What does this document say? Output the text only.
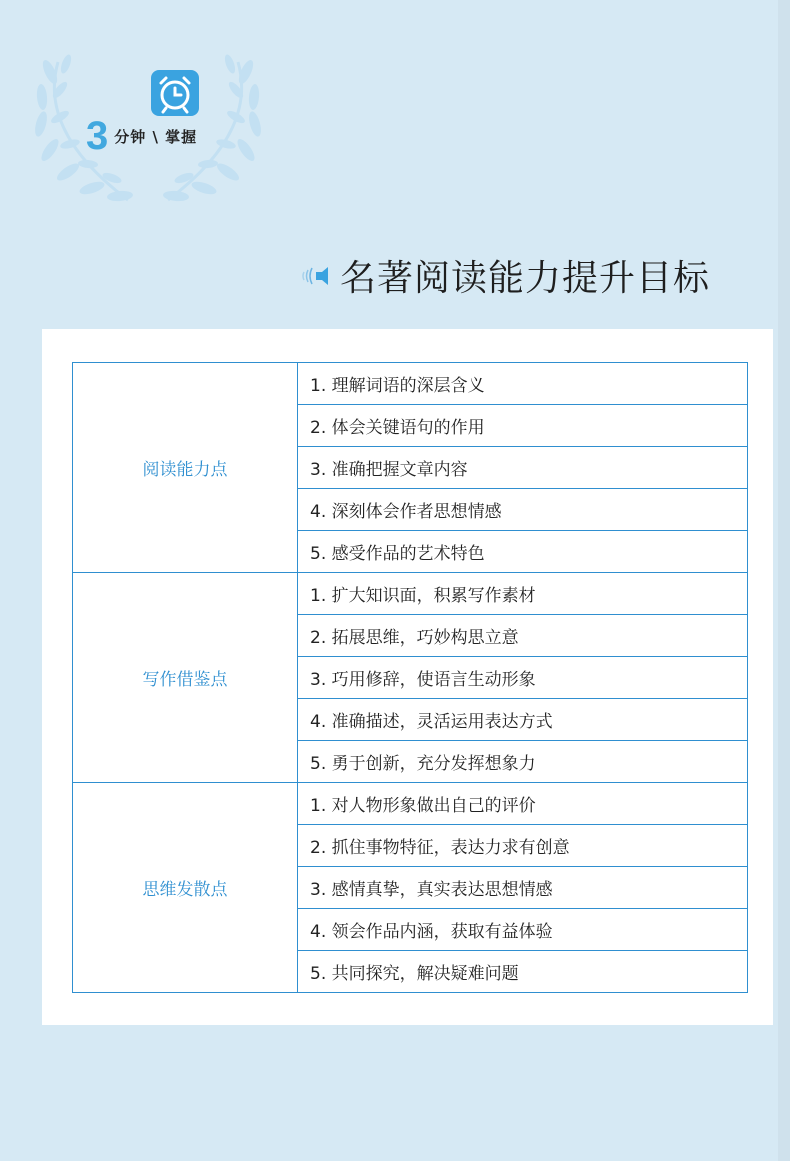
3 分钟 \ 掌握
名著阅读能力提升目标
阅读能力点	1. 理解词语的深层含义
	2. 体会关键语句的作用
	3. 准确把握文章内容
	4. 深刻体会作者思想情感
	5. 感受作品的艺术特色
写作借鉴点	1. 扩大知识面，积累写作素材
	2. 拓展思维，巧妙构思立意
	3. 巧用修辞，使语言生动形象
	4. 准确描述，灵活运用表达方式
	5. 勇于创新，充分发挥想象力
思维发散点	1. 对人物形象做出自己的评价
	2. 抓住事物特征，表达力求有创意
	3. 感情真挚，真实表达思想情感
	4. 领会作品内涵，获取有益体验
	5. 共同探究，解决疑难问题
